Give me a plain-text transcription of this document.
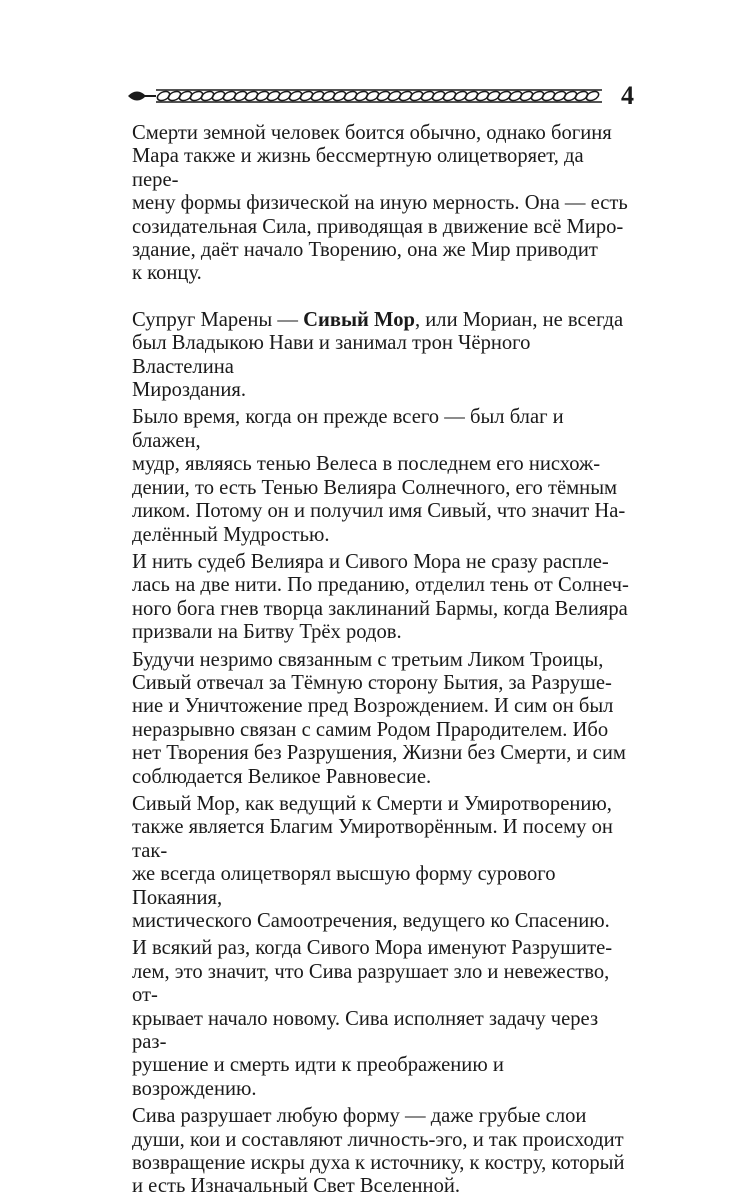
4

Смерти земной человек боится обычно, однако богиня
Мара также и жизнь бессмертную олицетворяет, да пере-
мену формы физической на иную мерность. Она — есть
созидательная Сила, приводящая в движение всё Миро-
здание, даёт начало Творению, она же Мир приводит
к концу.

Супруг Марены — Сивый Мор, или Мориан, не всегда
был Владыкою Нави и занимал трон Чёрного Властелина
Мироздания.

Было время, когда он прежде всего — был благ и блажен,
мудр, являясь тенью Велеса в последнем его нисхож-
дении, то есть Тенью Велияра Солнечного, его тёмным
ликом. Потому он и получил имя Сивый, что значит На-
делённый Мудростью.

И нить судеб Велияра и Сивого Мора не сразу распле-
лась на две нити. По преданию, отделил тень от Солнеч-
ного бога гнев творца заклинаний Бармы, когда Велияра
призвали на Битву Трёх родов.

Будучи незримо связанным с третьим Ликом Троицы,
Сивый отвечал за Тёмную сторону Бытия, за Разруше-
ние и Уничтожение пред Возрождением. И сим он был
неразрывно связан с самим Родом Прародителем. Ибо
нет Творения без Разрушения, Жизни без Смерти, и сим
соблюдается Великое Равновесие.

Сивый Мор, как ведущий к Смерти и Умиротворению,
также является Благим Умиротворённым. И посему он так-
же всегда олицетворял высшую форму сурового Покаяния,
мистического Самоотречения, ведущего ко Спасению.

И всякий раз, когда Сивого Мора именуют Разрушите-
лем, это значит, что Сива разрушает зло и невежество, от-
крывает начало новому. Сива исполняет задачу через раз-
рушение и смерть идти к преображению и возрождению.

Сива разрушает любую форму — даже грубые слои
души, кои и составляют личность-эго, и так происходит
возвращение искры духа к источнику, к костру, который
и есть Изначальный Свет Вселенной.
